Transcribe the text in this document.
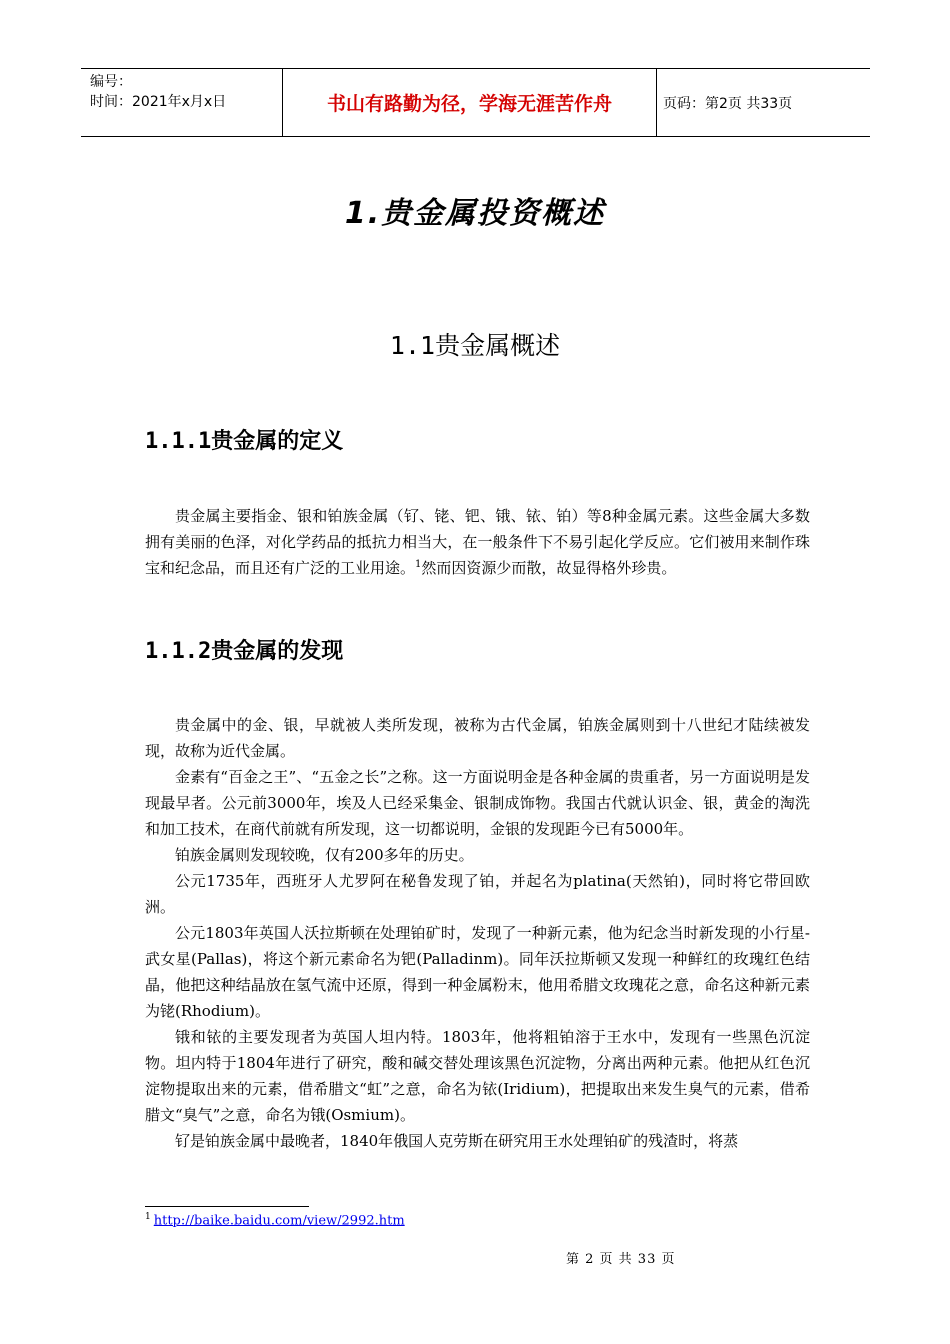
编号：
时间：2021年x月x日	书山有路勤为径，学海无涯苦作舟	页码：第2页 共33页
1.贵金属投资概述
1.1贵金属概述
1.1.1贵金属的定义

贵金属主要指金、银和铂族金属（钌、铑、钯、锇、铱、铂）等8种金属元素。这些金属大多数拥有美丽的色泽，对化学药品的抵抗力相当大，在一般条件下不易引起化学反应。它们被用来制作珠宝和纪念品，而且还有广泛的工业用途。$^1$然而因资源少而散，故显得格外珍贵。

1.1.2贵金属的发现

贵金属中的金、银，早就被人类所发现，被称为古代金属，铂族金属则到十八世纪才陆续被发现，故称为近代金属。

金素有“百金之王”、“五金之长”之称。这一方面说明金是各种金属的贵重者，另一方面说明是发现最早者。公元前3000年，埃及人已经采集金、银制成饰物。我国古代就认识金、银，黄金的淘洗和加工技术，在商代前就有所发现，这一切都说明，金银的发现距今已有5000年。

铂族金属则发现较晚，仅有200多年的历史。

公元1735年，西班牙人尤罗阿在秘鲁发现了铂，并起名为platina(天然铂)，同时将它带回欧洲。

公元1803年英国人沃拉斯顿在处理铂矿时，发现了一种新元素，他为纪念当时新发现的小行星-武女星(Pallas)，将这个新元素命名为钯(Palladinm)。同年沃拉斯顿又发现一种鲜红的玫瑰红色结晶，他把这种结晶放在氢气流中还原，得到一种金属粉末，他用希腊文玫瑰花之意，命名这种新元素为铑(Rhodium)。

锇和铱的主要发现者为英国人坦内特。1803年，他将粗铂溶于王水中，发现有一些黑色沉淀物。坦内特于1804年进行了研究，酸和碱交替处理该黑色沉淀物，分离出两种元素。他把从红色沉淀物提取出来的元素，借希腊文“虹”之意，命名为铱(Iridium)，把提取出来发生臭气的元素，借希腊文“臭气”之意，命名为锇(Osmium)。

钌是铂族金属中最晚者，1840年俄国人克劳斯在研究用王水处理铂矿的残渣时，将蒸

$^1$ http://baike.baidu.com/view/2992.htm
第 2 页 共 33 页
